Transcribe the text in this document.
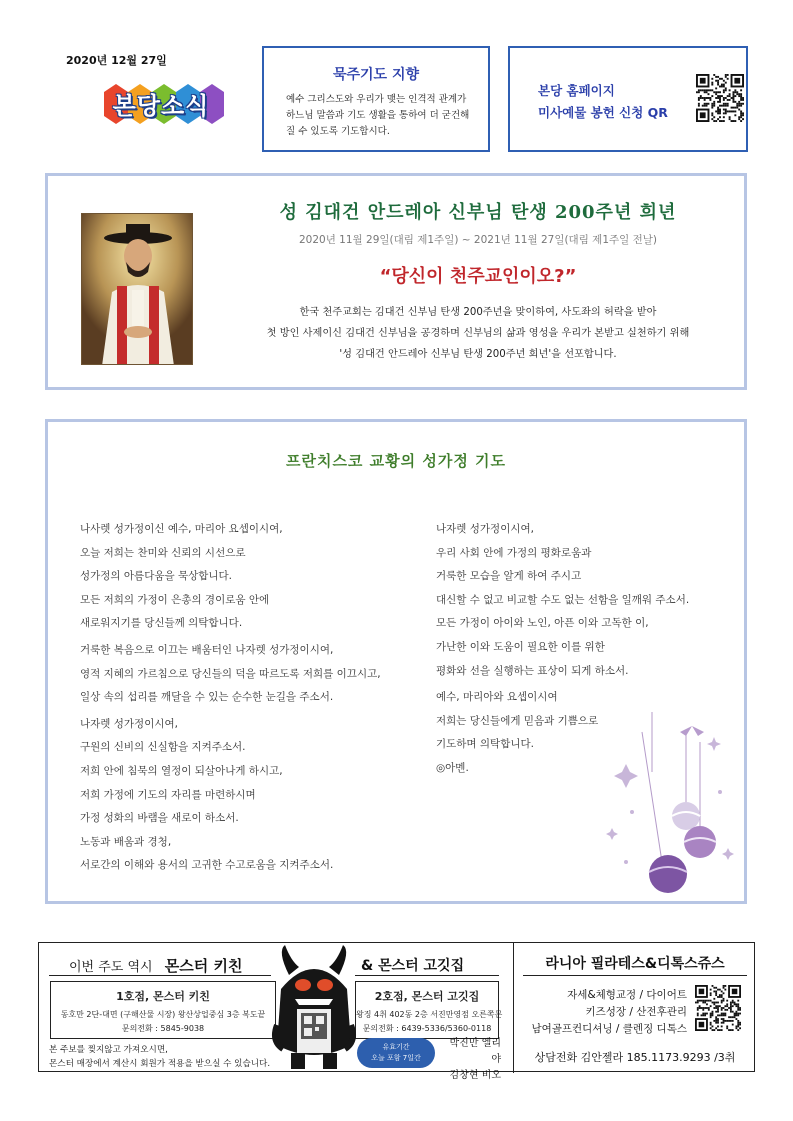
2020년 12월 27일
본당소식
묵주기도 지향
예수 그리스도와 우리가 맺는 인격적 관계가
하느님 말씀과 기도 생활을 통하여 더 굳건해
질 수 있도록 기도합시다.
본당 홈페이지
미사예물 봉헌 신청 QR
성 김대건 안드레아 신부님 탄생 200주년 희년
2020년 11월 29일(대림 제1주일) ~ 2021년 11월 27일(대림 제1주일 전날)
“당신이 천주교인이오?”
한국 천주교회는 김대건 신부님 탄생 200주년을 맞이하여, 사도좌의 허락을 받아
첫 방인 사제이신 김대건 신부님을 공경하며 신부님의 삶과 영성을 우리가 본받고 실천하기 위해
'성 김대건 안드레아 신부님 탄생 200주년 희년'을 선포합니다.
프란치스코 교황의 성가정 기도
나사렛 성가정이신 예수, 마리아 요셉이시여,
오늘 저희는 찬미와 신뢰의 시선으로
성가정의 아름다움을 묵상합니다.
모든 저희의 가정이 은총의 경이로움 안에
새로워지기를 당신들께 의탁합니다.
거룩한 복음으로 이끄는 배움터인 나자렛 성가정이시여,
영적 지혜의 가르침으로 당신들의 덕을 따르도록 저희를 이끄시고,
일상 속의 섭리를 깨달을 수 있는 순수한 눈길을 주소서.
나자렛 성가정이시여,
구원의 신비의 신실함을 지켜주소서.
저희 안에 침묵의 열정이 되살아나게 하시고,
저희 가정에 기도의 자리를 마련하시며
가정 성화의 바램을 새로이 하소서.
노동과 배움과 경청,
서로간의 이해와 용서의 고귀한 수고로움을 지켜주소서.
나자렛 성가정이시여,
우리 사회 안에 가정의 평화로움과
거룩한 모습을 알게 하여 주시고
대신할 수 없고 비교할 수도 없는 선함을 일깨워 주소서.
모든 가정이 아이와 노인, 아픈 이와 고독한 이,
가난한 이와 도움이 필요한 이를 위한
평화와 선을 실행하는 표상이 되게 하소서.
예수, 마리아와 요셉이시여
저희는 당신들에게 믿음과 기쁨으로
기도하며 의탁합니다.
◎아멘.
이번 주도 역시 몬스터 키친	& 몬스터 고깃집
1호점, 몬스터 키친
동호만 2단-대면 (구해산물 시장) 왕산상업중심 3층 복도끝
문의전화 : 5845-9038
2호점, 몬스터 고깃집
왕징 4취 402동 2층 서진만영점 오른쪽문
문의전화 : 6439-5336/5360-0118
본 주보를 찢지않고 가져오시면,
몬스터 매장에서 계산시 회원가 적용을 받으실 수 있습니다.
유효기간
오늘 포함 7일간
박진만 엘리야
김창현 비오
라니아 필라테스&디톡스쥬스
자세&체형교정 / 다이어트
키즈성장 / 산전후관리
남여골프컨디셔닝 / 클렌징 디톡스
상담전화 김안젤라 185.1173.9293 /3취
